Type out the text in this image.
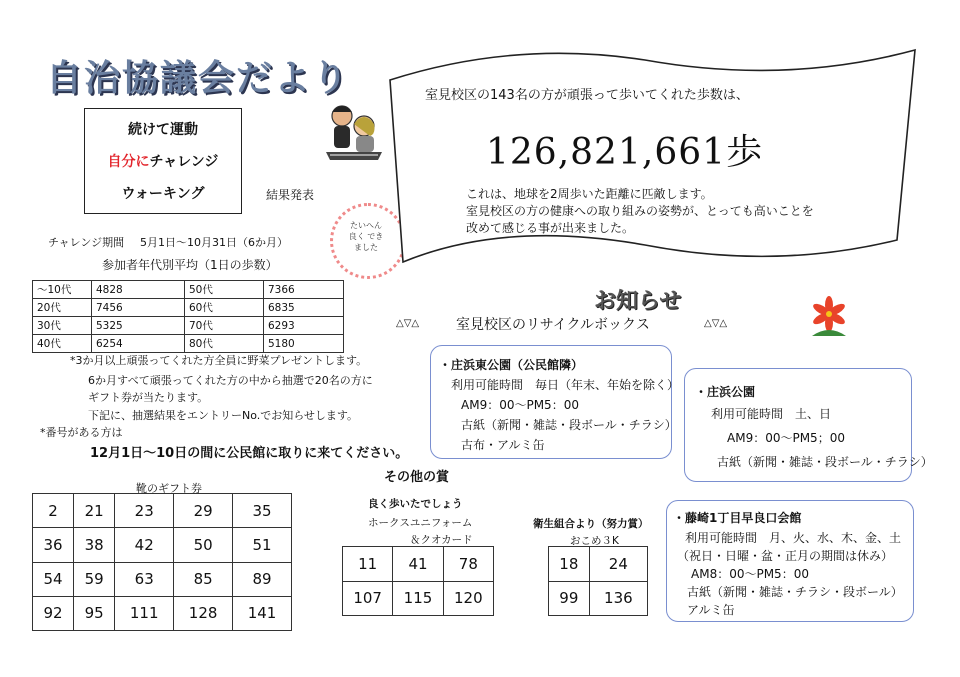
自治協議会だより
続けて運動
自分にチャレンジ
ウォーキング	結果発表
たいへん 良く できました
室見校区の143名の方が頑張って歩いてくれた歩数は、
126,821,661歩
これは、地球を2周歩いた距離に匹敵します。
室見校区の方の健康への取り組みの姿勢が、とっても高いことを
改めて感じる事が出来ました。
チャレンジ期間 5月1日～10月31日（6か月）
参加者年代別平均（1日の歩数）
～10代	4828	50代	7366
20代	7456	60代	6835
30代	5325	70代	6293
40代	6254	80代	5180
*3か月以上頑張ってくれた方全員に野菜プレゼントします。
6か月すべて頑張ってくれた方の中から抽選で20名の方に
ギフト券が当たります。
下記に、抽選結果をエントリーNo.でお知らせします。
*番号がある方は
12月1日～10日の間に公民館に取りに来てください。
靴のギフト券
2	21	23	29	35
36	38	42	50	51
54	59	63	85	89
92	95	111	128	141
その他の賞
良く歩いたでしょう
ホークスユニフォーム
＆クオカード
11	41	78
107	115	120
衛生組合より（努力賞）
おこめ３K
18	24
99	136
お知らせ
△▽△	室見校区のリサイクルボックス	△▽△
・庄浜東公園（公民館隣）
利用可能時間　毎日（年末、年始を除く）
AM9：00～PM5：00
古紙（新聞・雑誌・段ボール・チラシ）
古布・アルミ缶
・庄浜公園
利用可能時間　土、日
AM9：00～PM5；00
古紙（新聞・雑誌・段ボール・チラシ）
・藤崎1丁目早良口会館
利用可能時間　月、火、水、木、金、土
（祝日・日曜・盆・正月の期間は休み）
AM8：00～PM5：00
古紙（新聞・雑誌・チラシ・段ボール）
アルミ缶
